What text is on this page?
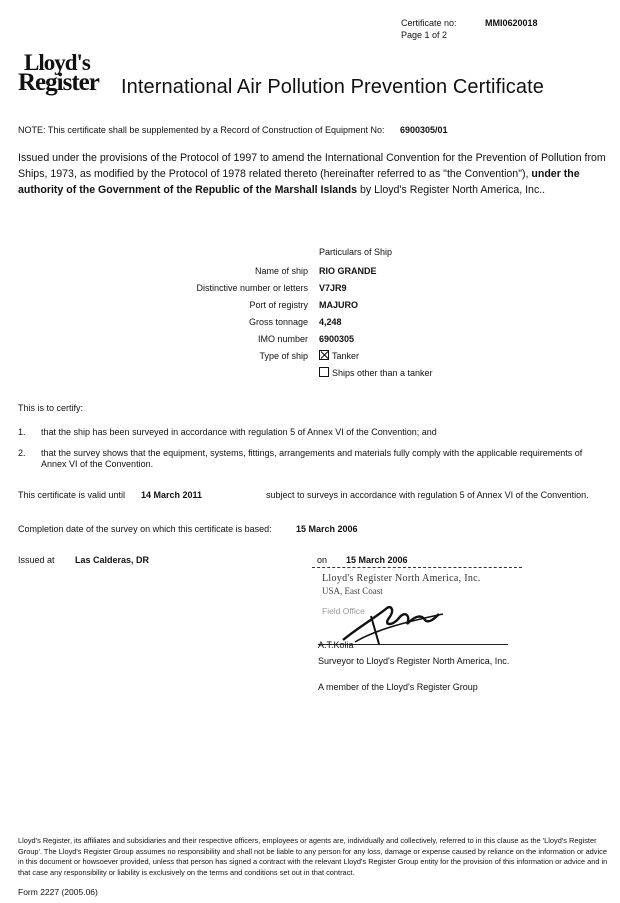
Certificate no:	MMI0620018
Page 1 of 2
Lloyd's
Register International Air Pollution Prevention Certificate
NOTE: This certificate shall be supplemented by a Record of Construction of Equipment No: 6900305/01
Issued under the provisions of the Protocol of 1997 to amend the International Convention for the Prevention of Pollution from Ships, 1973, as modified by the Protocol of 1978 related thereto (hereinafter referred to as "the Convention"), under the authority of the Government of the Republic of the Marshall Islands by Lloyd's Register North America, Inc..
Particulars of Ship
Name of ship RIO GRANDE
Distinctive number or letters V7JR9
Port of registry MAJURO
Gross tonnage 4,248
IMO number 6900305
Type of ship	Tanker
Ships other than a tanker
This is to certify:
1. that the ship has been surveyed in accordance with regulation 5 of Annex VI of the Convention; and
2. that the survey shows that the equipment, systems, fittings, arrangements and materials fully comply with the applicable requirements of Annex VI of the Convention.
This certificate is valid until 14 March 2011	subject to surveys in accordance with regulation 5 of Annex VI of the Convention.
Completion date of the survey on which this certificate is based:	15 March 2006
Issued at Las Calderas, DR	on 15 March 2006
Lloyd's Register North America, Inc.
USA, East Coast
Field Office
A.T.Kolia
Surveyor to Lloyd's Register North America, Inc.
A member of the Lloyd's Register Group
Lloyd's Register, its affiliates and subsidiaries and their respective officers, employees or agents are, individually and collectively, referred to in this clause as the 'Lloyd's Register Group'. The Lloyd's Register Group assumes no responsibility and shall not be liable to any person for any loss, damage or expense caused by reliance on the information or advice in this document or howsoever provided, unless that person has signed a contract with the relevant Lloyd's Register Group entity for the provision of this information or advice and in that case any responsibility or liability is exclusively on the terms and conditions set out in that contract.
Form 2227 (2005.06)
